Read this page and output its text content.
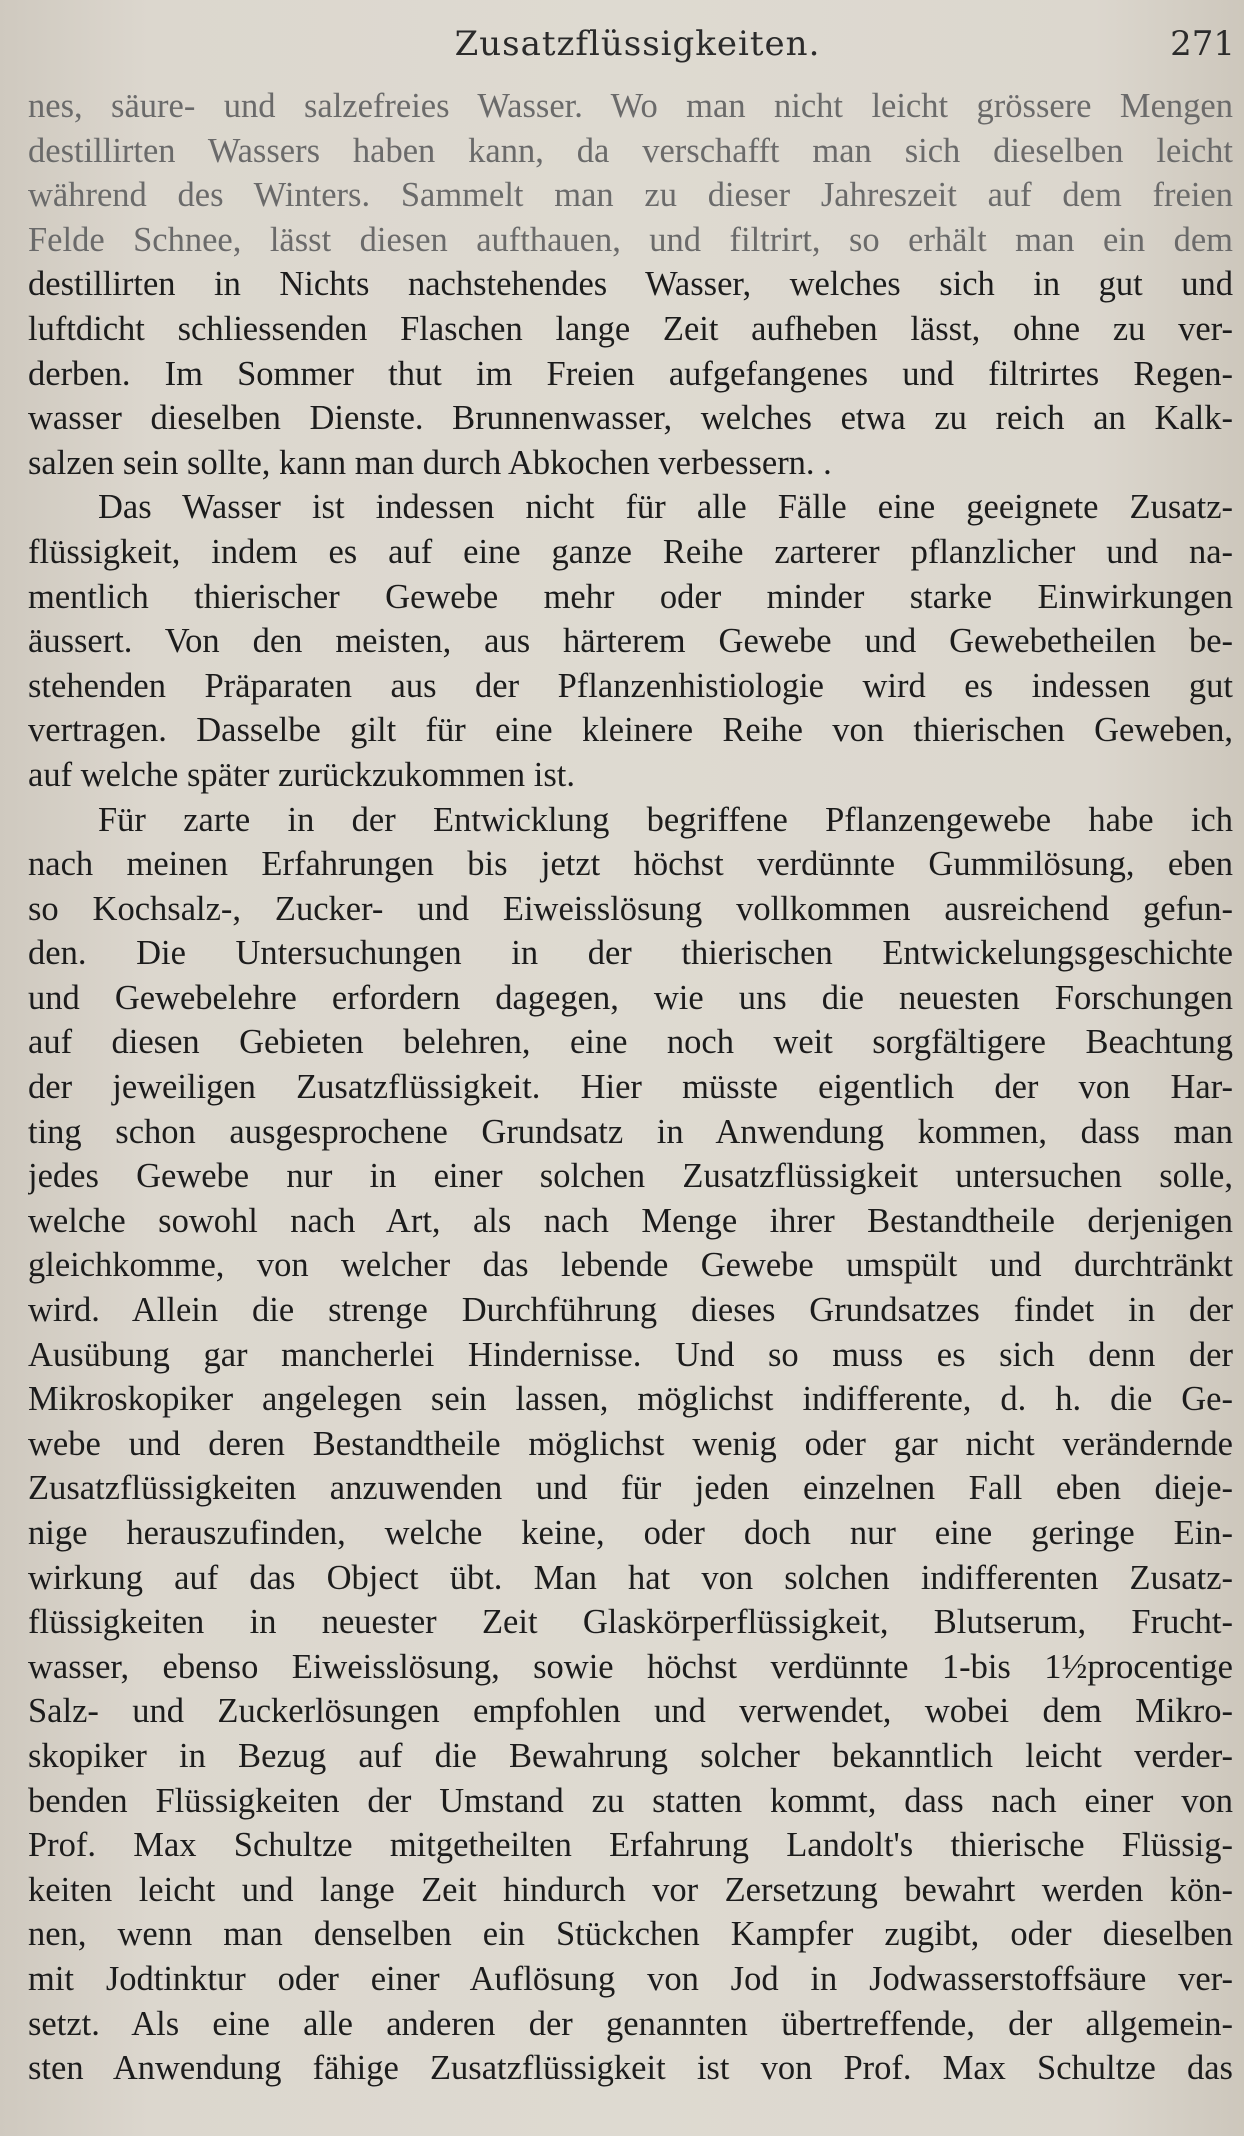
Zusatzflüssigkeiten.	271
nes, säure- und salzefreies Wasser. Wo man nicht leicht grössere Mengen
destillirten Wassers haben kann, da verschafft man sich dieselben leicht
während des Winters. Sammelt man zu dieser Jahreszeit auf dem freien
Felde Schnee, lässt diesen aufthauen, und filtrirt, so erhält man ein dem
destillirten in Nichts nachstehendes Wasser, welches sich in gut und
luftdicht schliessenden Flaschen lange Zeit aufheben lässt, ohne zu ver-
derben. Im Sommer thut im Freien aufgefangenes und filtrirtes Regen-
wasser dieselben Dienste. Brunnenwasser, welches etwa zu reich an Kalk-
salzen sein sollte, kann man durch Abkochen verbessern. .
Das Wasser ist indessen nicht für alle Fälle eine geeignete Zusatz-
flüssigkeit, indem es auf eine ganze Reihe zarterer pflanzlicher und na-
mentlich thierischer Gewebe mehr oder minder starke Einwirkungen
äussert. Von den meisten, aus härterem Gewebe und Gewebetheilen be-
stehenden Präparaten aus der Pflanzenhistiologie wird es indessen gut
vertragen. Dasselbe gilt für eine kleinere Reihe von thierischen Geweben,
auf welche später zurückzukommen ist.
Für zarte in der Entwicklung begriffene Pflanzengewebe habe ich
nach meinen Erfahrungen bis jetzt höchst verdünnte Gummilösung, eben
so Kochsalz-, Zucker- und Eiweisslösung vollkommen ausreichend gefun-
den. Die Untersuchungen in der thierischen Entwickelungsgeschichte
und Gewebelehre erfordern dagegen, wie uns die neuesten Forschungen
auf diesen Gebieten belehren, eine noch weit sorgfältigere Beachtung
der jeweiligen Zusatzflüssigkeit. Hier müsste eigentlich der von Har-
ting schon ausgesprochene Grundsatz in Anwendung kommen, dass man
jedes Gewebe nur in einer solchen Zusatzflüssigkeit untersuchen solle,
welche sowohl nach Art, als nach Menge ihrer Bestandtheile derjenigen
gleichkomme, von welcher das lebende Gewebe umspült und durchtränkt
wird. Allein die strenge Durchführung dieses Grundsatzes findet in der
Ausübung gar mancherlei Hindernisse. Und so muss es sich denn der
Mikroskopiker angelegen sein lassen, möglichst indifferente, d. h. die Ge-
webe und deren Bestandtheile möglichst wenig oder gar nicht verändernde
Zusatzflüssigkeiten anzuwenden und für jeden einzelnen Fall eben dieje-
nige herauszufinden, welche keine, oder doch nur eine geringe Ein-
wirkung auf das Object übt. Man hat von solchen indifferenten Zusatz-
flüssigkeiten in neuester Zeit Glaskörperflüssigkeit, Blutserum, Frucht-
wasser, ebenso Eiweisslösung, sowie höchst verdünnte 1-bis 1½procentige
Salz- und Zuckerlösungen empfohlen und verwendet, wobei dem Mikro-
skopiker in Bezug auf die Bewahrung solcher bekanntlich leicht verder-
benden Flüssigkeiten der Umstand zu statten kommt, dass nach einer von
Prof. Max Schultze mitgetheilten Erfahrung Landolt's thierische Flüssig-
keiten leicht und lange Zeit hindurch vor Zersetzung bewahrt werden kön-
nen, wenn man denselben ein Stückchen Kampfer zugibt, oder dieselben
mit Jodtinktur oder einer Auflösung von Jod in Jodwasserstoffsäure ver-
setzt. Als eine alle anderen der genannten übertreffende, der allgemein-
sten Anwendung fähige Zusatzflüssigkeit ist von Prof. Max Schultze das
